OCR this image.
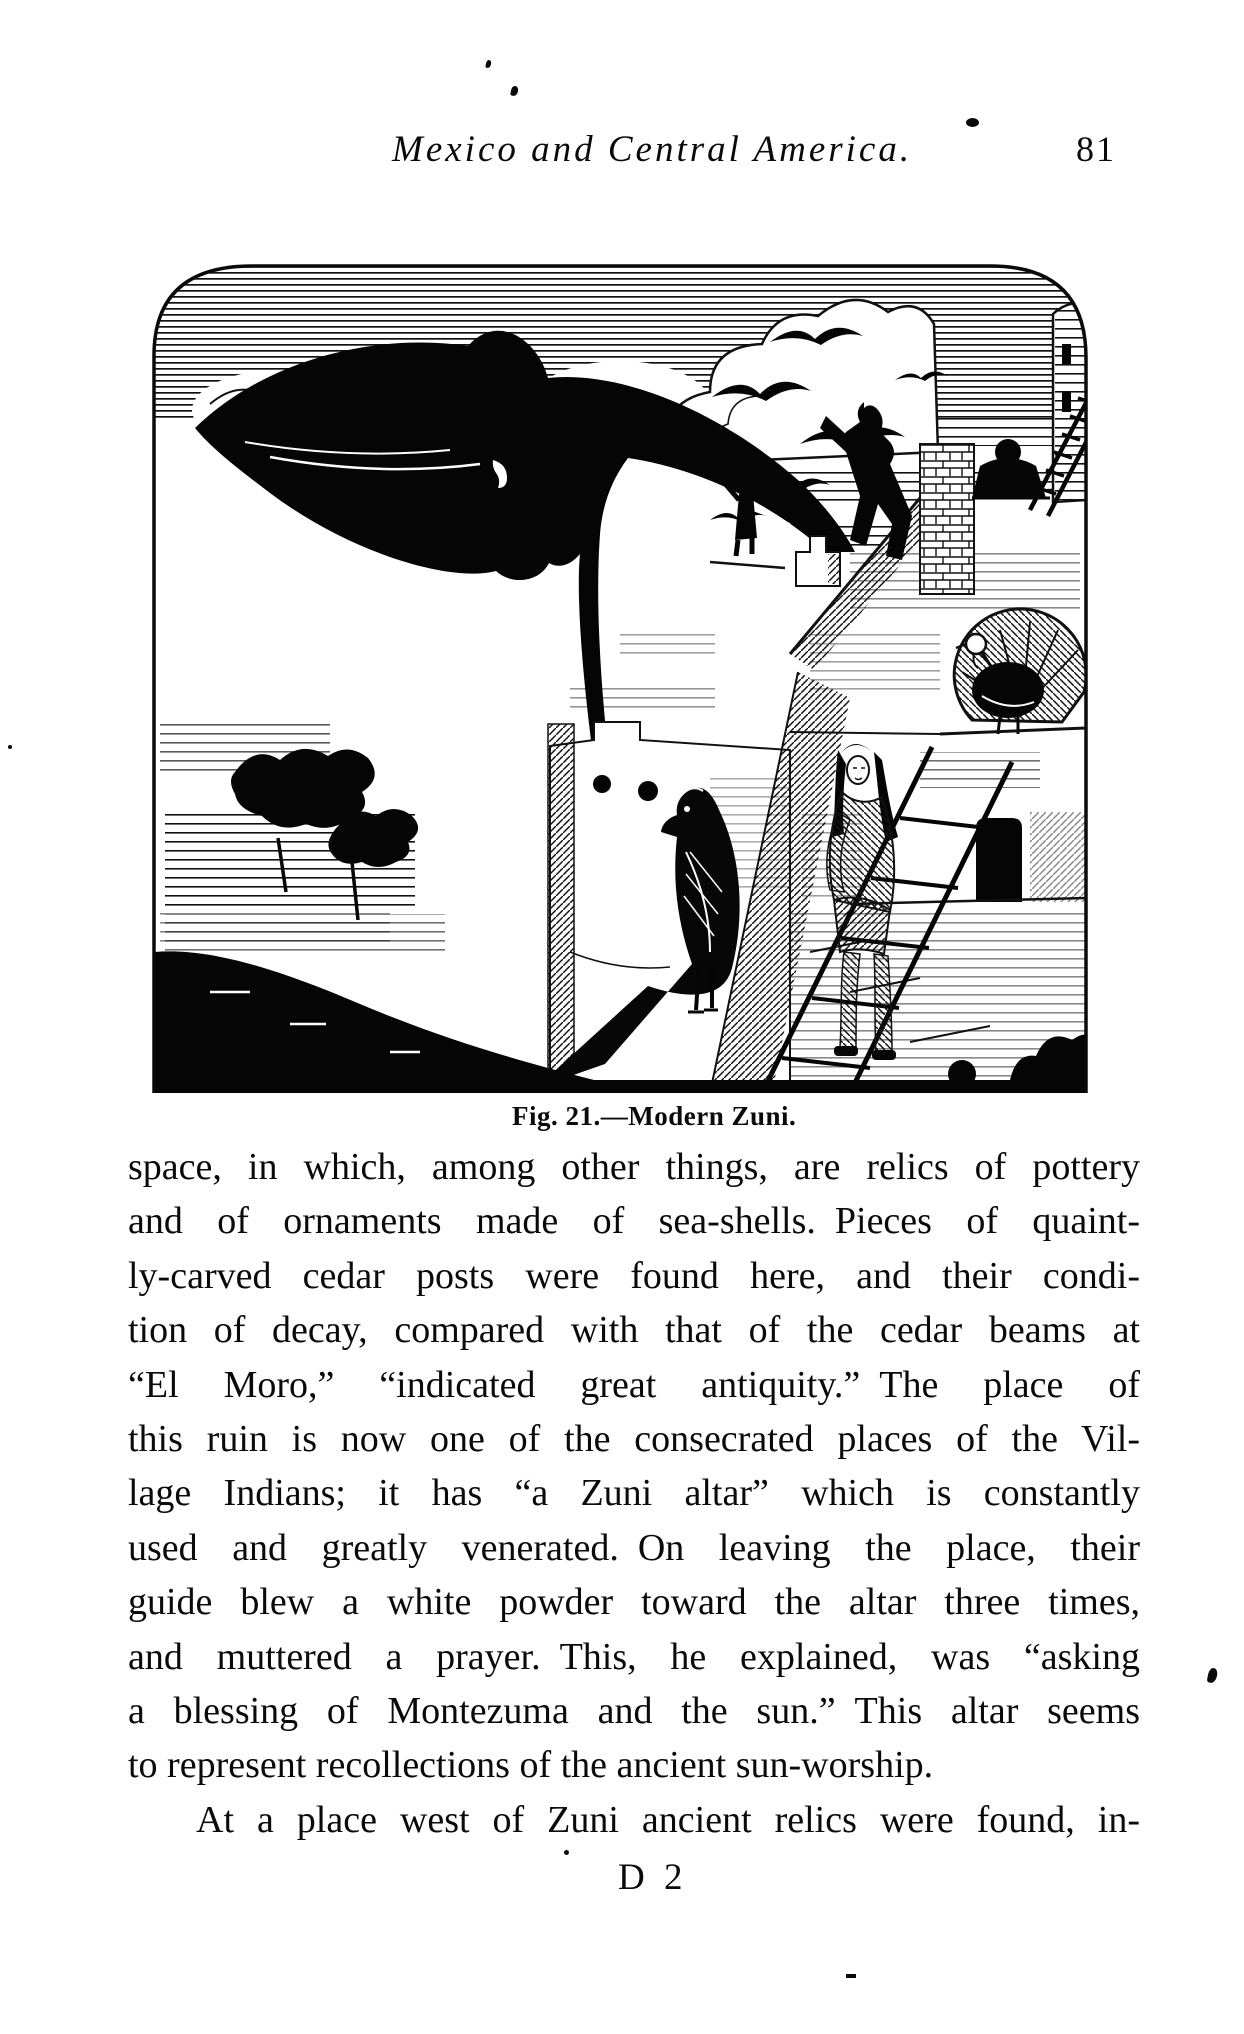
Mexico and Central America.	81
Fig. 21.—Modern Zuni.
space, in which, among other things, are relics of pottery
and of ornaments made of sea-shells. Pieces of quaint-
ly-carved cedar posts were found here, and their condi-
tion of decay, compared with that of the cedar beams at
“El Moro,” “indicated great antiquity.” The place of
this ruin is now one of the consecrated places of the Vil-
lage Indians; it has “a Zuni altar” which is constantly
used and greatly venerated. On leaving the place, their
guide blew a white powder toward the altar three times,
and muttered a prayer. This, he explained, was “asking
a blessing of Montezuma and the sun.” This altar seems
to represent recollections of the ancient sun-worship.
At a place west of Zuni ancient relics were found, in-
D 2
